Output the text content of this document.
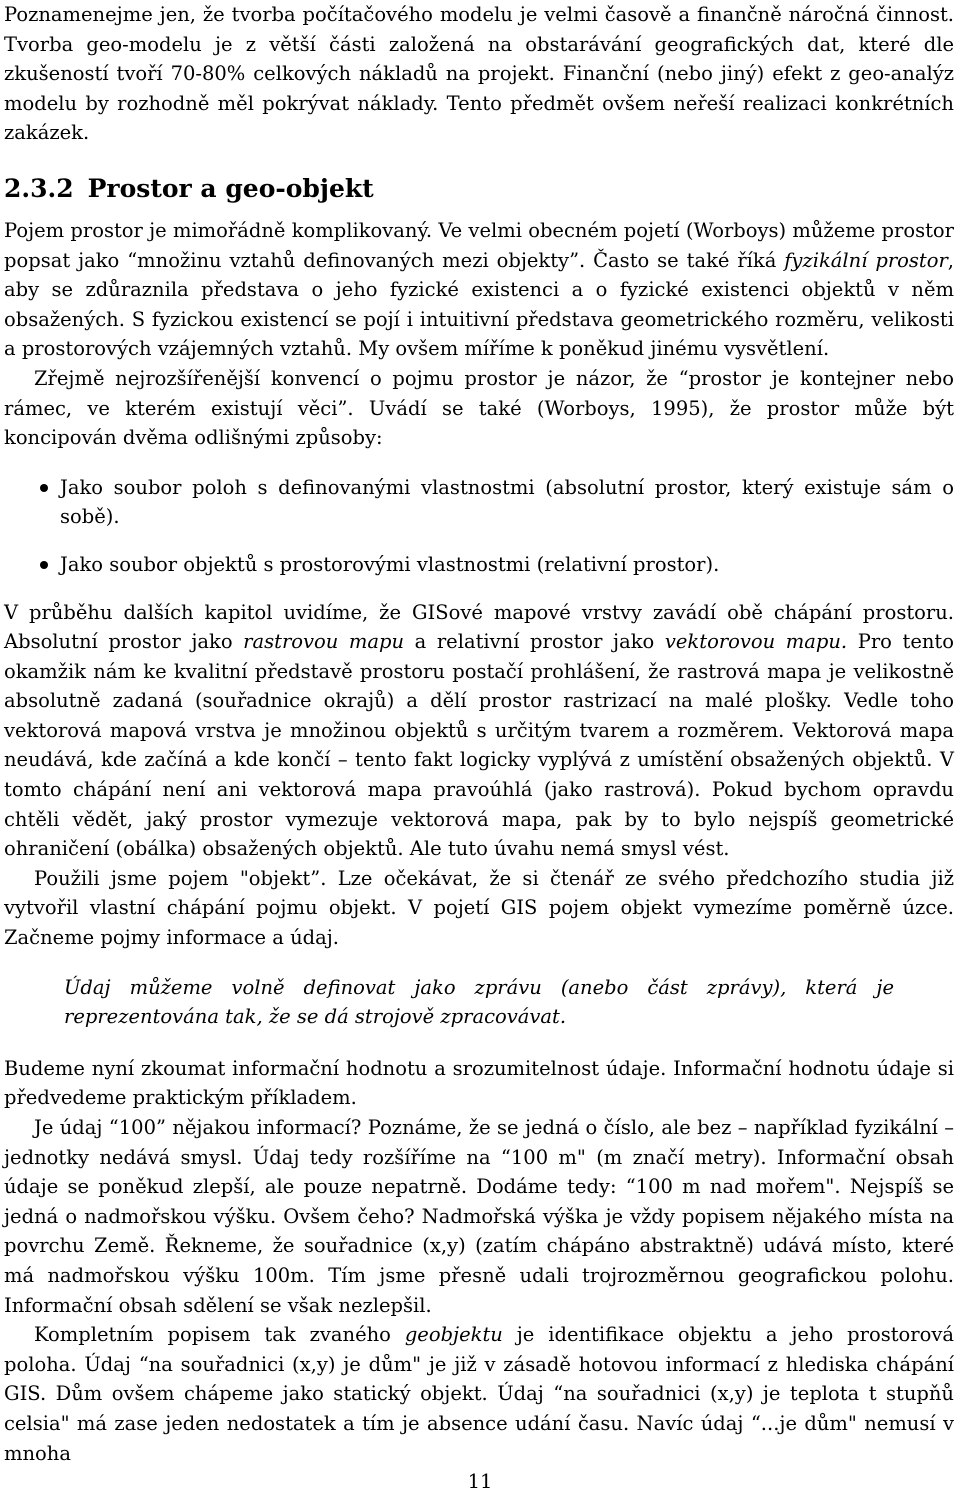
Poznamenejme jen, že tvorba počítačového modelu je velmi časově a finančně náročná činnost. Tvorba geo-modelu je z větší části založená na obstarávání geografických dat, které dle zkušeností tvoří 70-80% celkových nákladů na projekt. Finanční (nebo jiný) efekt z geo-analýz modelu by rozhodně měl pokrývat náklady. Tento předmět ovšem neřeší realizaci konkrétních zakázek.

2.3.2 Prostor a geo-objekt

Pojem prostor je mimořádně komplikovaný. Ve velmi obecném pojetí (Worboys) můžeme prostor popsat jako “množinu vztahů definovaných mezi objekty”. Často se také říká fyzikální prostor, aby se zdůraznila představa o jeho fyzické existenci a o fyzické existenci objektů v něm obsažených. S fyzickou existencí se pojí i intuitivní představa geometrického rozměru, velikosti a prostorových vzájemných vztahů. My ovšem míříme k poněkud jinému vysvětlení.

Zřejmě nejrozšířenější konvencí o pojmu prostor je názor, že “prostor je kontejner nebo rámec, ve kterém existují věci”. Uvádí se také (Worboys, 1995), že prostor může být koncipován dvěma odlišnými způsoby:

Jako soubor poloh s definovanými vlastnostmi (absolutní prostor, který existuje sám o sobě).
Jako soubor objektů s prostorovými vlastnostmi (relativní prostor).

V průběhu dalších kapitol uvidíme, že GISové mapové vrstvy zavádí obě chápání prostoru. Absolutní prostor jako rastrovou mapu a relativní prostor jako vektorovou mapu. Pro tento okamžik nám ke kvalitní představě prostoru postačí prohlášení, že rastrová mapa je velikostně absolutně zadaná (souřadnice okrajů) a dělí prostor rastrizací na malé plošky. Vedle toho vektorová mapová vrstva je množinou objektů s určitým tvarem a rozměrem. Vektorová mapa neudává, kde začíná a kde končí – tento fakt logicky vyplývá z umístění obsažených objektů. V tomto chápání není ani vektorová mapa pravoúhlá (jako rastrová). Pokud bychom opravdu chtěli vědět, jaký prostor vymezuje vektorová mapa, pak by to bylo nejspíš geometrické ohraničení (obálka) obsažených objektů. Ale tuto úvahu nemá smysl vést.

Použili jsme pojem "objekt”. Lze očekávat, že si čtenář ze svého předchozího studia již vytvořil vlastní chápání pojmu objekt. V pojetí GIS pojem objekt vymezíme poměrně úzce. Začneme pojmy informace a údaj.

Údaj můžeme volně definovat jako zprávu (anebo část zprávy), která je reprezentována tak, že se dá strojově zpracovávat.

Budeme nyní zkoumat informační hodnotu a srozumitelnost údaje. Informační hodnotu údaje si předvedeme praktickým příkladem.

Je údaj “100” nějakou informací? Poznáme, že se jedná o číslo, ale bez – například fyzikální – jednotky nedává smysl. Údaj tedy rozšíříme na “100 m" (m značí metry). Informační obsah údaje se poněkud zlepší, ale pouze nepatrně. Dodáme tedy: “100 m nad mořem". Nejspíš se jedná o nadmořskou výšku. Ovšem čeho? Nadmořská výška je vždy popisem nějakého místa na povrchu Země. Řekneme, že souřadnice (x,y) (zatím chápáno abstraktně) udává místo, které má nadmořskou výšku 100m. Tím jsme přesně udali trojrozměrnou geografickou polohu. Informační obsah sdělení se však nezlepšil.

Kompletním popisem tak zvaného geobjektu je identifikace objektu a jeho prostorová poloha. Údaj “na souřadnici (x,y) je dům" je již v zásadě hotovou informací z hlediska chápání GIS. Dům ovšem chápeme jako statický objekt. Údaj “na souřadnici (x,y) je teplota t stupňů celsia" má zase jeden nedostatek a tím je absence udání času. Navíc údaj “...je dům" nemusí v mnoha

11
